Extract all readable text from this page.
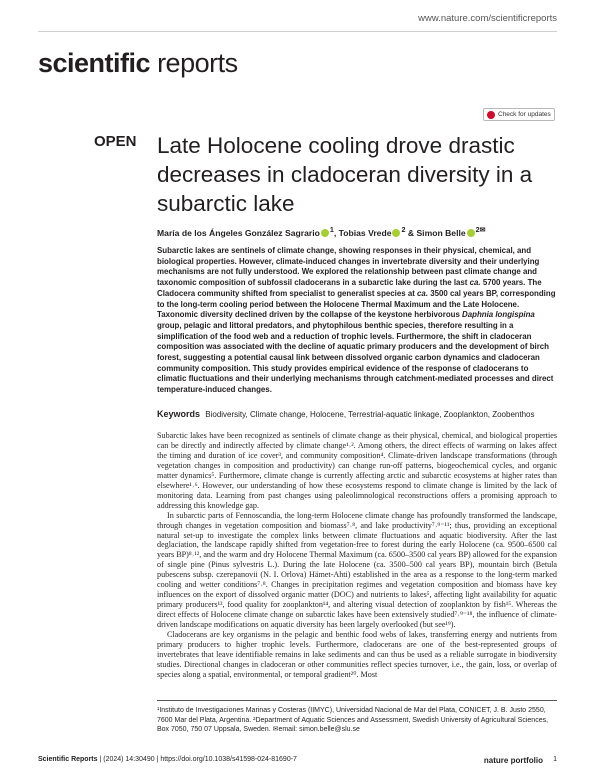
www.nature.com/scientificreports
scientific reports
Check for updates
OPEN Late Holocene cooling drove drastic decreases in cladoceran diversity in a subarctic lake
María de los Ángeles González Sagrario $^1$, Tobias Vrede $^2$ & Simon Belle $^{2✉}$
Subarctic lakes are sentinels of climate change, showing responses in their physical, chemical, and biological properties. However, climate-induced changes in invertebrate diversity and their underlying mechanisms are not fully understood. We explored the relationship between past climate change and taxonomic composition of subfossil cladocerans in a subarctic lake during the last ca. 5700 years. The Cladocera community shifted from specialist to generalist species at ca. 3500 cal years BP, corresponding to the long-term cooling period between the Holocene Thermal Maximum and the Late Holocene. Taxonomic diversity declined driven by the collapse of the keystone herbivorous Daphnia longispina group, pelagic and littoral predators, and phytophilous benthic species, therefore resulting in a simplification of the food web and a reduction of trophic levels. Furthermore, the shift in cladoceran composition was associated with the decline of aquatic primary producers and the development of birch forest, suggesting a potential causal link between dissolved organic carbon dynamics and cladoceran community composition. This study provides empirical evidence of the response of cladocerans to climatic fluctuations and their underlying mechanisms through catchment-mediated processes and direct temperature-induced changes.
Keywords Biodiversity, Climate change, Holocene, Terrestrial-aquatic linkage, Zooplankton, Zoobenthos

Subarctic lakes have been recognized as sentinels of climate change as their physical, chemical, and biological properties can be directly and indirectly affected by climate change¹˒². Among others, the direct effects of warming on lakes affect the timing and duration of ice cover³, and community composition⁴. Climate-driven landscape transformations (through vegetation changes in composition and productivity) can change run-off patterns, biogeochemical cycles, and organic matter dynamics⁵. Furthermore, climate change is currently affecting arctic and subarctic ecosystems at higher rates than elsewhere¹˒⁶. However, our understanding of how these ecosystems respond to climate change is limited by the lack of monitoring data. Learning from past changes using paleolimnological reconstructions offers a promising approach to addressing this knowledge gap.

In subarctic parts of Fennoscandia, the long-term Holocene climate change has profoundly transformed the landscape, through changes in vegetation composition and biomass⁷˒⁸, and lake productivity⁷˒⁹⁻¹¹; thus, providing an exceptional natural set-up to investigate the complex links between climate fluctuations and aquatic biodiversity. After the last deglaciation, the landscape rapidly shifted from vegetation-free to forest during the early Holocene (ca. 9500–6500 cal years BP)⁸˒¹², and the warm and dry Holocene Thermal Maximum (ca. 6500–3500 cal years BP) allowed for the expansion of single pine (Pinus sylvestris L.). During the late Holocene (ca. 3500–500 cal years BP), mountain birch (Betula pubescens subsp. czerepanovii (N. I. Orlova) Hämet-Ahti) established in the area as a response to the long-term marked cooling and wetter conditions⁷˒⁸. Changes in precipitation regimes and vegetation composition and biomass have key influences on the export of dissolved organic matter (DOC) and nutrients to lakes⁵, affecting light availability for aquatic primary producers¹³, food quality for zooplankton¹⁴, and altering visual detection of zooplankton by fish¹⁵. Whereas the direct effects of Holocene climate change on subarctic lakes have been extensively studied⁷˒⁹⁻¹⁸, the influence of climate-driven landscape modifications on aquatic diversity has been largely overlooked (but see¹⁹).

Cladocerans are key organisms in the pelagic and benthic food webs of lakes, transferring energy and nutrients from primary producers to higher trophic levels. Furthermore, cladocerans are one of the best-represented groups of invertebrates that leave identifiable remains in lake sediments and can thus be used as a reliable surrogate in biodiversity studies. Directional changes in cladoceran or other communities reflect species turnover, i.e., the gain, loss, or overlap of species along a spatial, environmental, or temporal gradient²⁰. Most

¹Instituto de Investigaciones Marinas y Costeras (IIMYC), Universidad Nacional de Mar del Plata, CONICET, J. B. Justo 2550, 7600 Mar del Plata, Argentina. ²Department of Aquatic Sciences and Assessment, Swedish University of Agricultural Sciences, Box 7050, 750 07 Uppsala, Sweden. ✉email: simon.belle@slu.se
Scientific Reports | (2024) 14:30490 | https://doi.org/10.1038/s41598-024-81690-7	nature portfolio 1
